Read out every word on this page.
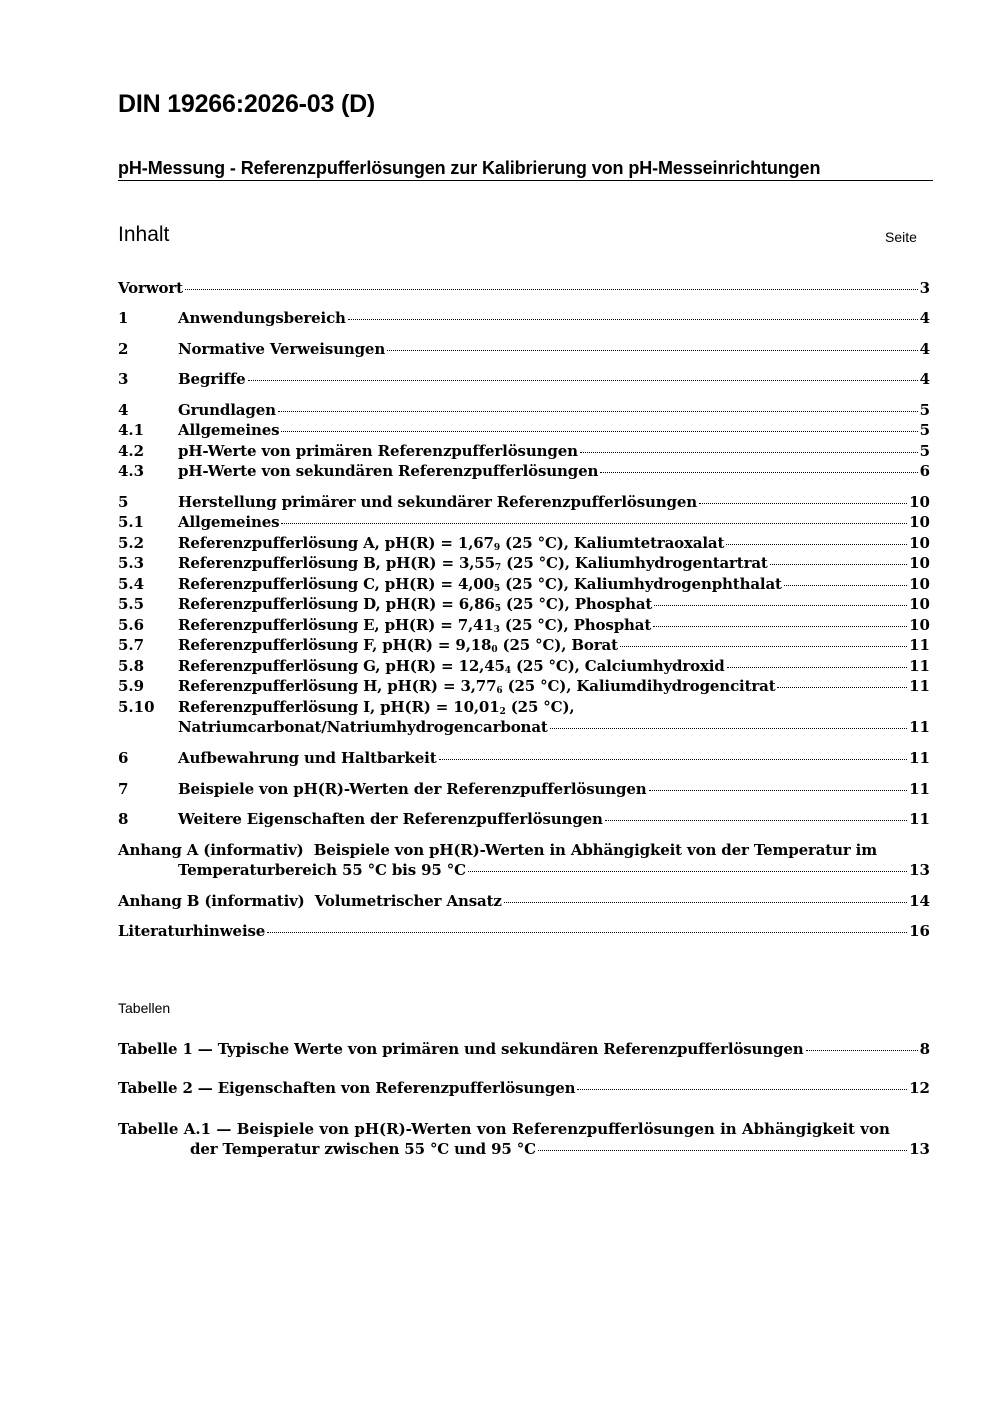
DIN 19266:2026-03 (D)
pH-Messung - Referenzpufferlösungen zur Kalibrierung von pH-Messeinrichtungen
Inhalt	Seite
Vorwort	3
1	Anwendungsbereich	4
2	Normative Verweisungen	4
3	Begriffe	4
4	Grundlagen	5
4.1	Allgemeines	5
4.2	pH-Werte von primären Referenzpufferlösungen	5
4.3	pH-Werte von sekundären Referenzpufferlösungen	6
5	Herstellung primärer und sekundärer Referenzpufferlösungen	10
5.1	Allgemeines	10
5.2	Referenzpufferlösung A, $pH(R) = 1,67_9$ (25 °C), Kaliumtetraoxalat	10
5.3	Referenzpufferlösung B, $pH(R) = 3,55_7$ (25 °C), Kaliumhydrogentartrat	10
5.4	Referenzpufferlösung C, $pH(R) = 4,00_5$ (25 °C), Kaliumhydrogenphthalat	10
5.5	Referenzpufferlösung D, $pH(R) = 6,86_5$ (25 °C), Phosphat	10
5.6	Referenzpufferlösung E, $pH(R) = 7,41_3$ (25 °C), Phosphat	10
5.7	Referenzpufferlösung F, $pH(R) = 9,18_0$ (25 °C), Borat	11
5.8	Referenzpufferlösung G, $pH(R) = 12,45_4$ (25 °C), Calciumhydroxid	11
5.9	Referenzpufferlösung H, $pH(R) = 3,77_6$ (25 °C), Kaliumdihydrogencitrat	11
5.10	Referenzpufferlösung I, $pH(R) = 10,01_2$ (25 °C),
Natriumcarbonat/Natriumhydrogencarbonat	11
6	Aufbewahrung und Haltbarkeit	11
7	Beispiele von pH(R)-Werten der Referenzpufferlösungen	11
8	Weitere Eigenschaften der Referenzpufferlösungen	11
Anhang A (informativ)  Beispiele von pH(R)-Werten in Abhängigkeit von der Temperatur im
Temperaturbereich 55 °C bis 95 °C	13
Anhang B (informativ)  Volumetrischer Ansatz	14
Literaturhinweise	16
Tabellen
Tabelle 1 — Typische Werte von primären und sekundären Referenzpufferlösungen	8
Tabelle 2 — Eigenschaften von Referenzpufferlösungen	12
Tabelle A.1 — Beispiele von pH(R)-Werten von Referenzpufferlösungen in Abhängigkeit von
der Temperatur zwischen 55 °C und 95 °C	13
